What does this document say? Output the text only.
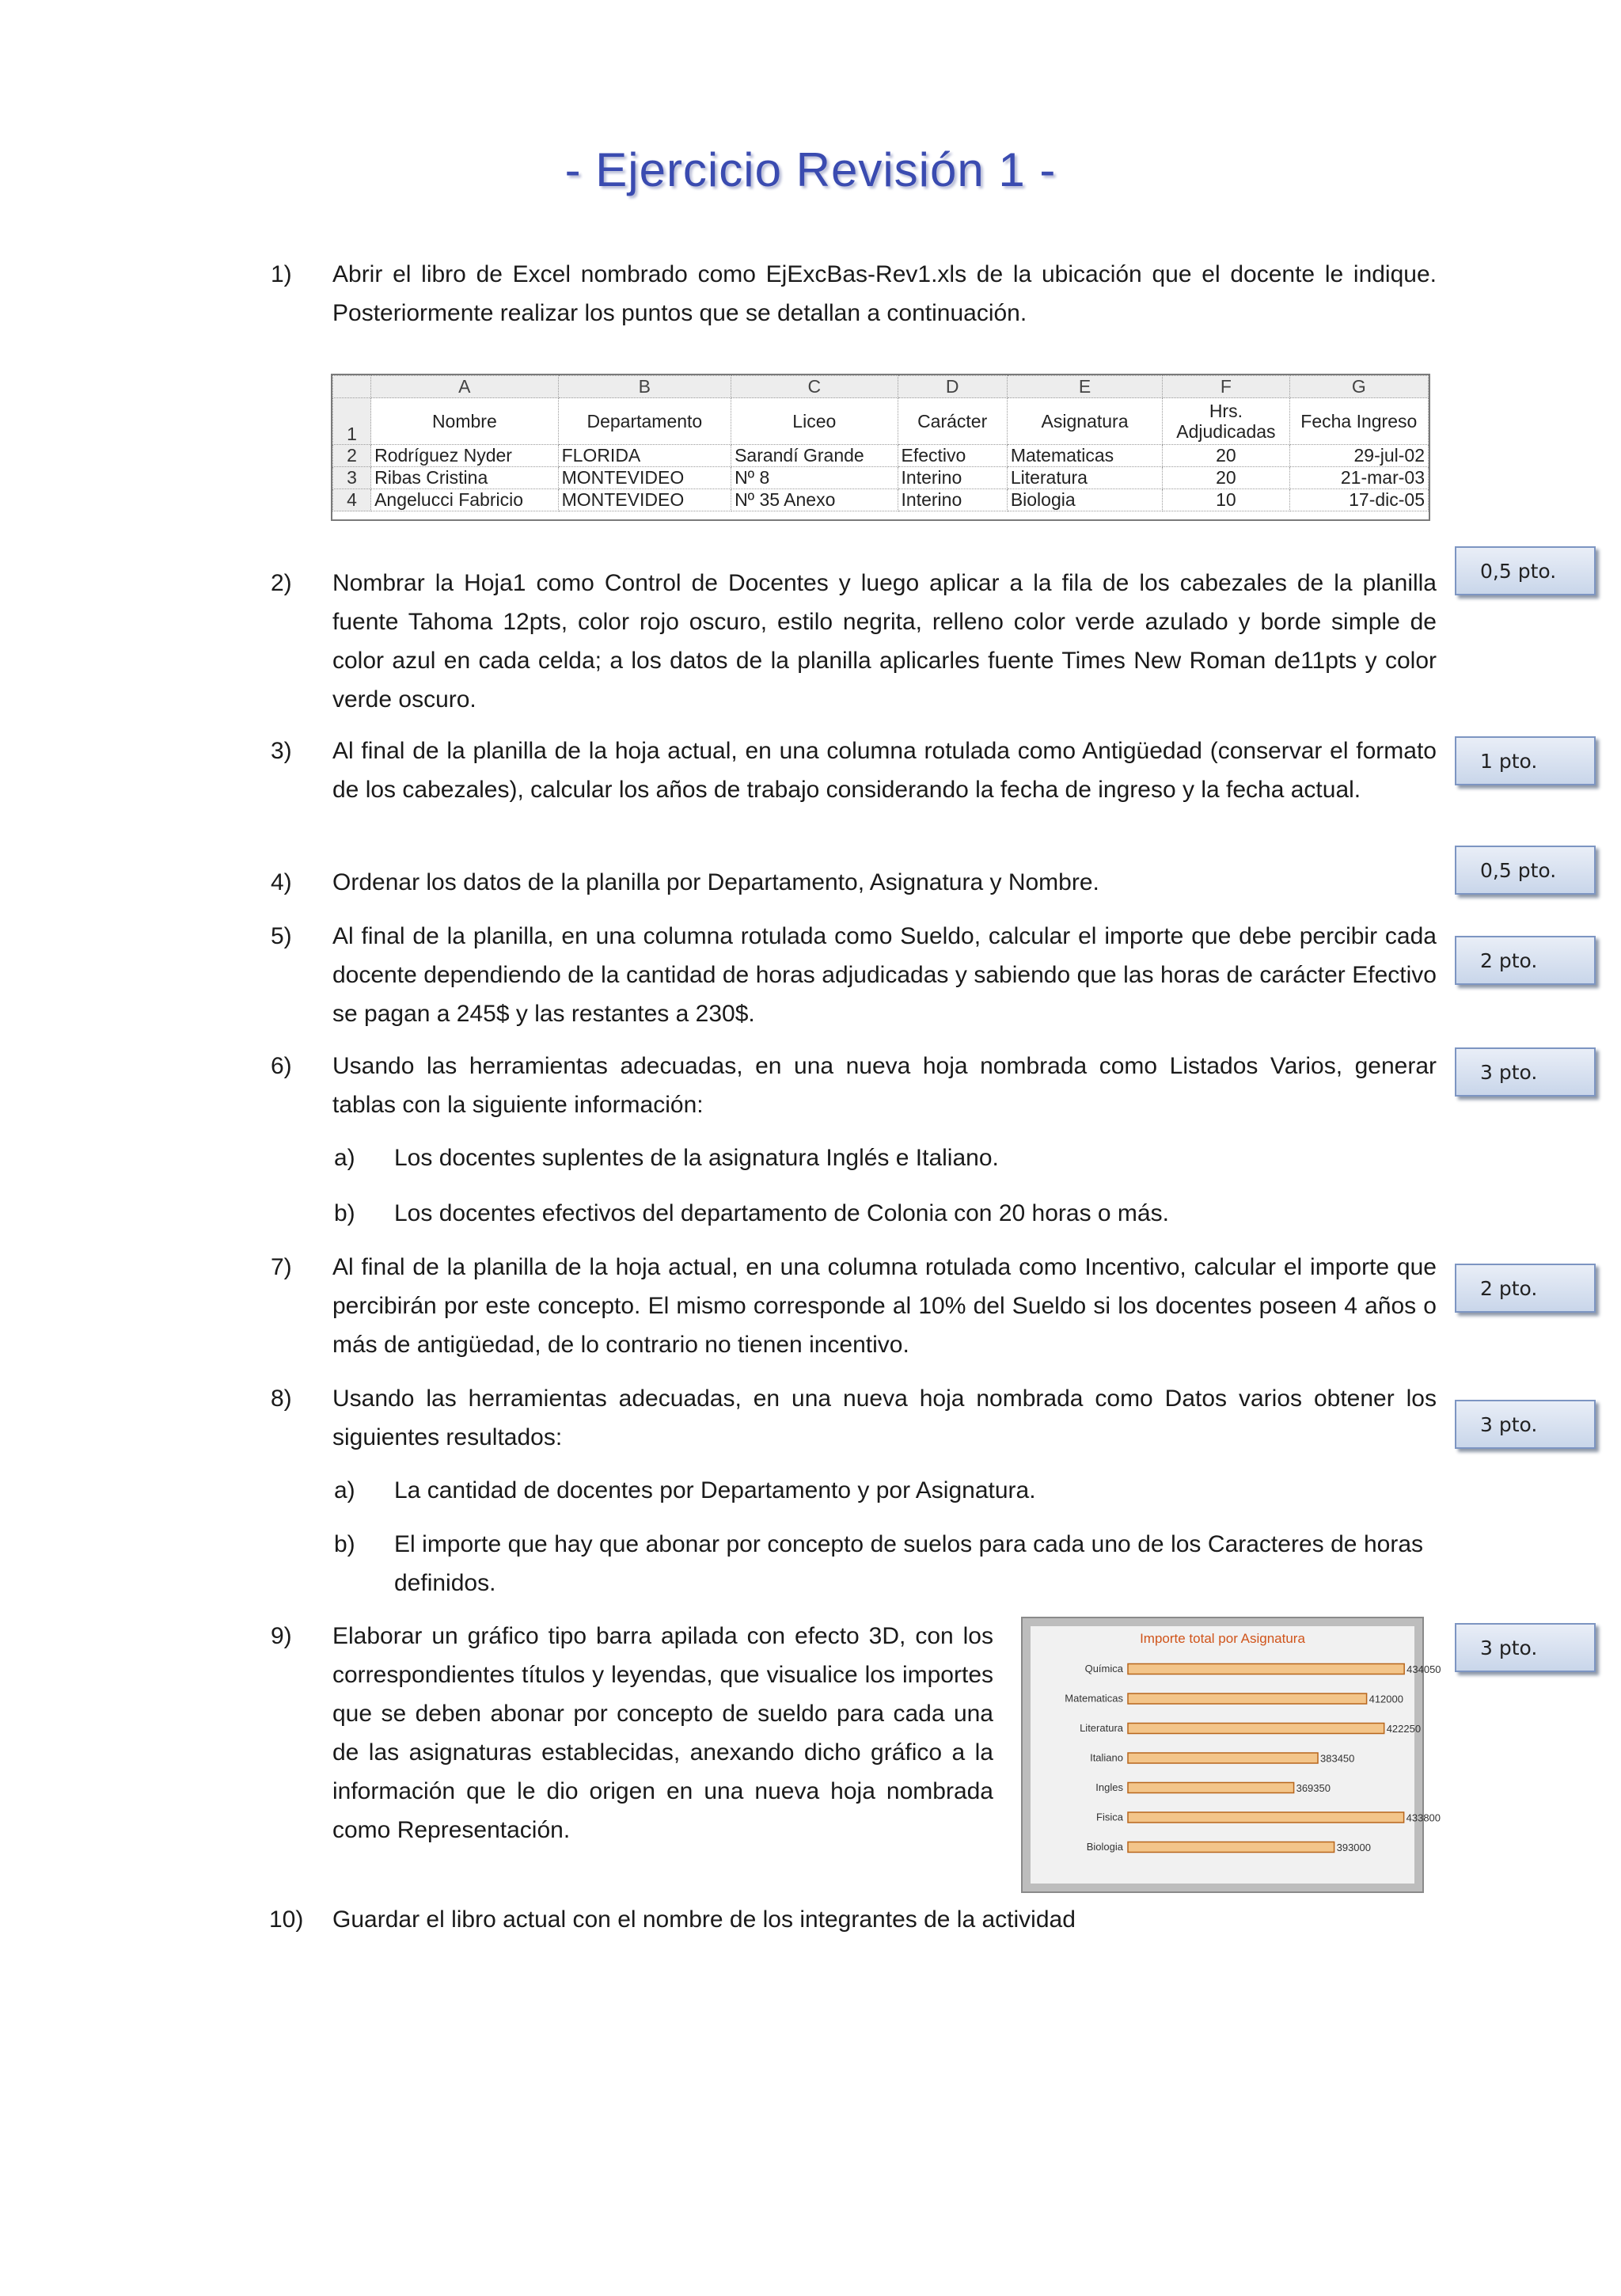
- Ejercicio Revisión 1 -
1) Abrir el libro de Excel nombrado como EjExcBas-Rev1.xls de la ubicación que el docente le indique. Posteriormente realizar los puntos que se detallan a continuación.
	A	B	C	D	E	F	G
1	Nombre	Departamento	Liceo	Carácter	Asignatura	Hrs. Adjudicadas	Fecha Ingreso
2	Rodríguez Nyder	FLORIDA	Sarandí Grande	Efectivo	Matematicas	20	29-jul-02
3	Ribas Cristina	MONTEVIDEO	Nº 8	Interino	Literatura	20	21-mar-03
4	Angelucci Fabricio	MONTEVIDEO	Nº 35 Anexo	Interino	Biologia	10	17-dic-05
2) Nombrar la Hoja1 como Control de Docentes y luego aplicar a la fila de los cabezales de la planilla fuente Tahoma 12pts, color rojo oscuro, estilo negrita, relleno color verde azulado y borde simple de color azul en cada celda; a los datos de la planilla aplicarles fuente Times New Roman de11pts y color verde oscuro.
0,5 pto.
3) Al final de la planilla de la hoja actual, en una columna rotulada como Antigüedad (conservar el formato de los cabezales), calcular los años de trabajo considerando la fecha de ingreso y la fecha actual.
1 pto.
4) Ordenar los datos de la planilla por Departamento, Asignatura y Nombre.	0,5 pto.
5) Al final de la planilla, en una columna rotulada como Sueldo, calcular el importe que debe percibir cada docente dependiendo de la cantidad de horas adjudicadas y sabiendo que las horas de carácter Efectivo se pagan a 245$ y las restantes a 230$.
2 pto.
6) Usando las herramientas adecuadas, en una nueva hoja nombrada como Listados Varios, generar tablas con la siguiente información:
3 pto.
a) Los docentes suplentes de la asignatura Inglés e Italiano.
b) Los docentes efectivos del departamento de Colonia con 20 horas o más.
7) Al final de la planilla de la hoja actual, en una columna rotulada como Incentivo, calcular el importe que percibirán por este concepto. El mismo corresponde al 10% del Sueldo si los docentes poseen 4 años o más de antigüedad, de lo contrario no tienen incentivo.
2 pto.
8) Usando las herramientas adecuadas, en una nueva hoja nombrada como Datos varios obtener los siguientes resultados:	3 pto.
a) La cantidad de docentes por Departamento y por Asignatura.
b) El importe que hay que abonar por concepto de suelos para cada uno de los Caracteres de horas definidos.
9) Elaborar un gráfico tipo barra apilada con efecto 3D, con los correspondientes títulos y leyendas, que visualice los importes que se deben abonar por concepto de sueldo para cada una de las asignaturas establecidas, anexando dicho gráfico a la información que le dio origen en una nueva hoja nombrada como Representación.
3 pto.
Importe total por Asignatura
Química	434050
Matematicas	412000
Literatura	422250
Italiano	383450
Ingles	369350
Fisica	433800
Biologia	393000
10) Guardar el libro actual con el nombre de los integrantes de la actividad
